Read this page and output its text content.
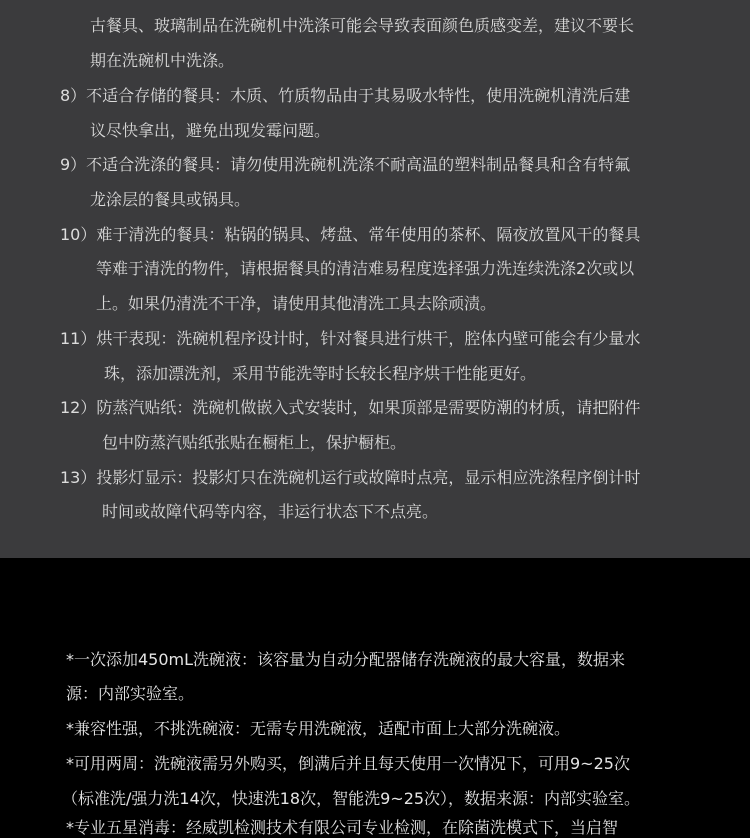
古餐具、玻璃制品在洗碗机中洗涤可能会导致表面颜色质感变差，建议不要长
期在洗碗机中洗涤。
8）不适合存储的餐具：木质、竹质物品由于其易吸水特性，使用洗碗机清洗后建
议尽快拿出，避免出现发霉问题。
9）不适合洗涤的餐具：请勿使用洗碗机洗涤不耐高温的塑料制品餐具和含有特氟
龙涂层的餐具或锅具。
10）难于清洗的餐具：粘锅的锅具、烤盘、常年使用的茶杯、隔夜放置风干的餐具
等难于清洗的物件，请根据餐具的清洁难易程度选择强力洗连续洗涤2次或以
上。如果仍清洗不干净，请使用其他清洗工具去除顽渍。
11）烘干表现：洗碗机程序设计时，针对餐具进行烘干，腔体内壁可能会有少量水
珠，添加漂洗剂，采用节能洗等时长较长程序烘干性能更好。
12）防蒸汽贴纸：洗碗机做嵌入式安装时，如果顶部是需要防潮的材质，请把附件
包中防蒸汽贴纸张贴在橱柜上，保护橱柜。
13）投影灯显示：投影灯只在洗碗机运行或故障时点亮，显示相应洗涤程序倒计时
时间或故障代码等内容，非运行状态下不点亮。
*一次添加450mL洗碗液：该容量为自动分配器储存洗碗液的最大容量，数据来
源：内部实验室。
*兼容性强，不挑洗碗液：无需专用洗碗液，适配市面上大部分洗碗液。
*可用两周：洗碗液需另外购买，倒满后并且每天使用一次情况下，可用9~25次
（标准洗/强力洗14次，快速洗18次，智能洗9~25次），数据来源：内部实验室。
*专业五星消毒：经威凯检测技术有限公司专业检测，在除菌洗模式下，当启智
